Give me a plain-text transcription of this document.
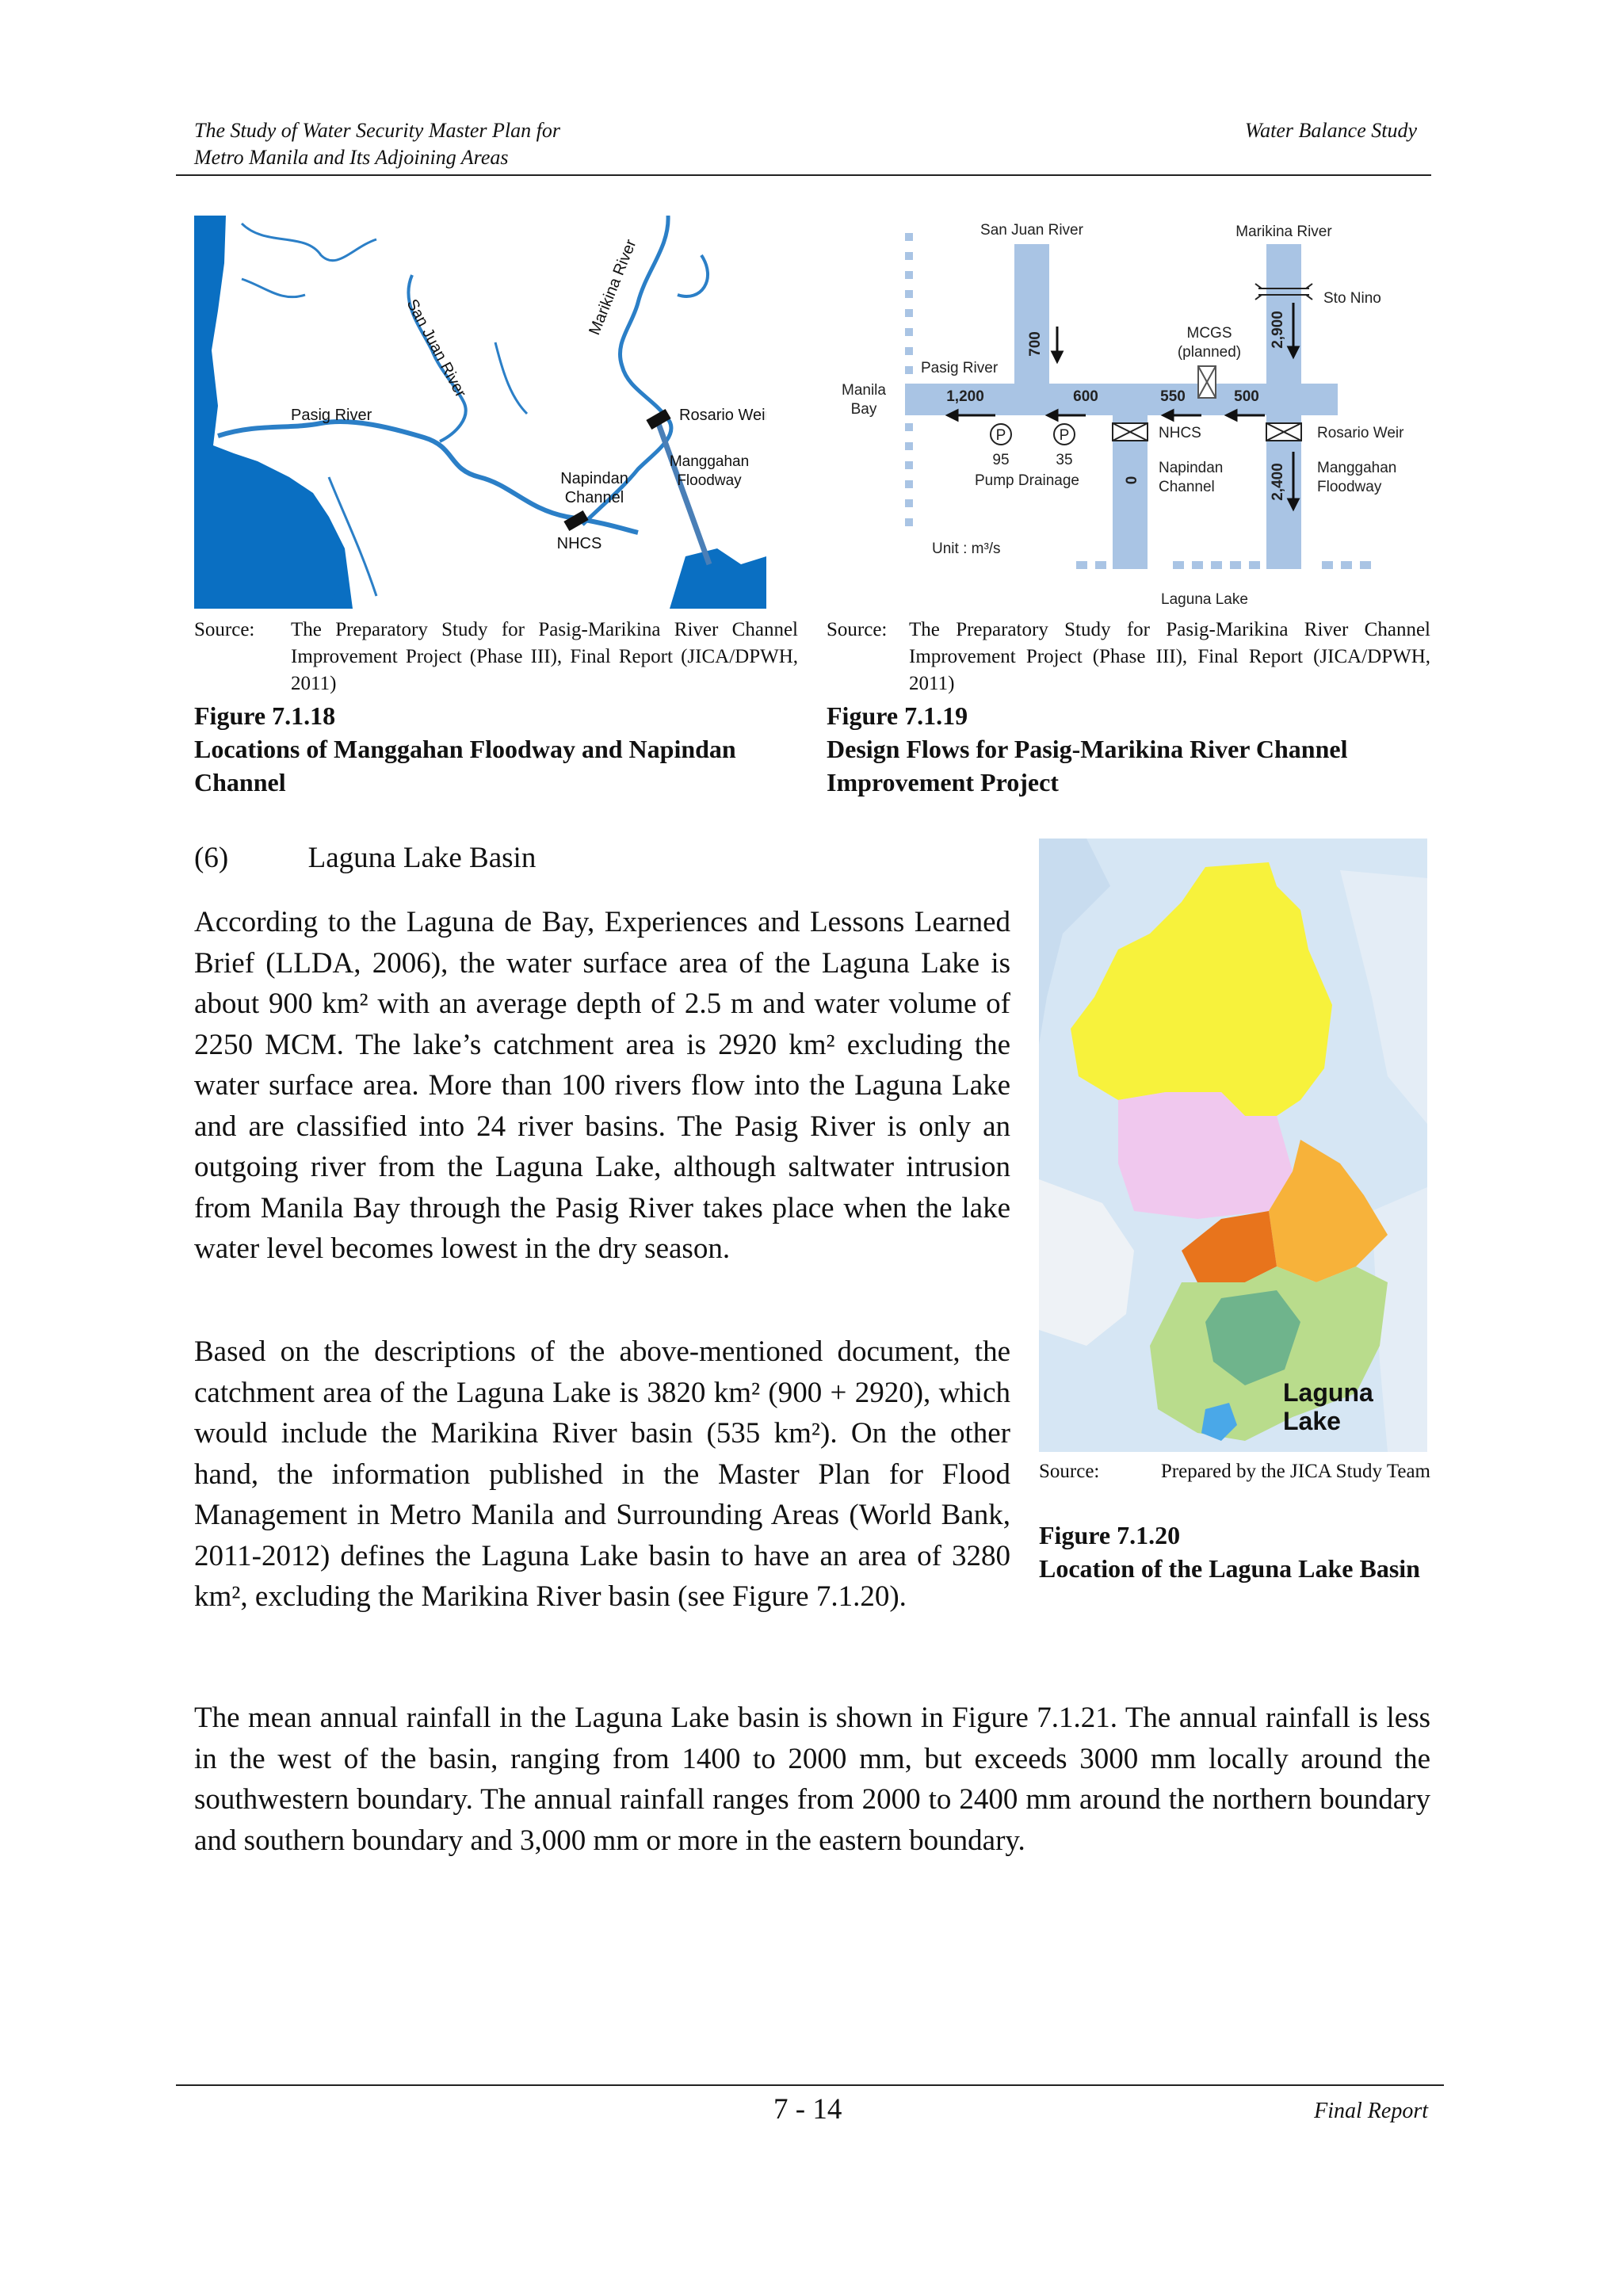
The Study of Water Security Master Plan for
Metro Manila and Its Adjoining Areas
Water Balance Study
Pasig River
San Juan River
Marikina River
Rosario Weir
Manggahan
Floodway
Napindan
Channel
NHCS
Source: The Preparatory Study for Pasig-Marikina River Channel Improvement Project (Phase III), Final Report (JICA/DPWH, 2011)
Figure 7.1.18
Locations of Manggahan Floodway and Napindan Channel
P	P
1,200	600	550	500
700	2,900
0	2,400
95	35
San Juan River	Marikina River
Sto Nino
MCGS
(planned)
Pasig River
Manila
Bay
NHCS	Rosario Weir
Pump Drainage
Napindan
Channel
Manggahan
Floodway
Laguna Lake
Unit : m³/s
Source: The Preparatory Study for Pasig-Marikina River Channel Improvement Project (Phase III), Final Report (JICA/DPWH, 2011)
Figure 7.1.19
Design Flows for Pasig-Marikina River Channel Improvement Project
(6)	Laguna Lake Basin
According to the Laguna de Bay, Experiences and Lessons Learned Brief (LLDA, 2006), the water surface area of the Laguna Lake is about 900 km² with an average depth of 2.5 m and water volume of 2250 MCM. The lake’s catchment area is 2920 km² excluding the water surface area. More than 100 rivers flow into the Laguna Lake and are classified into 24 river basins. The Pasig River is only an outgoing river from the Laguna Lake, although saltwater intrusion from Manila Bay through the Pasig River takes place when the lake water level becomes lowest in the dry season.
Based on the descriptions of the above-mentioned document, the catchment area of the Laguna Lake is 3820 km² (900 + 2920), which would include the Marikina River basin (535 km²). On the other hand, the information published in the Master Plan for Flood Management in Metro Manila and Surrounding Areas (World Bank, 2011-2012) defines the Laguna Lake basin to have an area of 3280 km², excluding the Marikina River basin (see Figure 7.1.20).
The mean annual rainfall in the Laguna Lake basin is shown in Figure 7.1.21. The annual rainfall is less in the west of the basin, ranging from 1400 to 2000 mm, but exceeds 3000 mm locally around the southwestern boundary. The annual rainfall ranges from 2000 to 2400 mm around the northern boundary and southern boundary and 3,000 mm or more in the eastern boundary.
Laguna
Lake
Source:	Prepared by the JICA Study Team
Figure 7.1.20
Location of the Laguna Lake Basin
7 - 14	Final Report
